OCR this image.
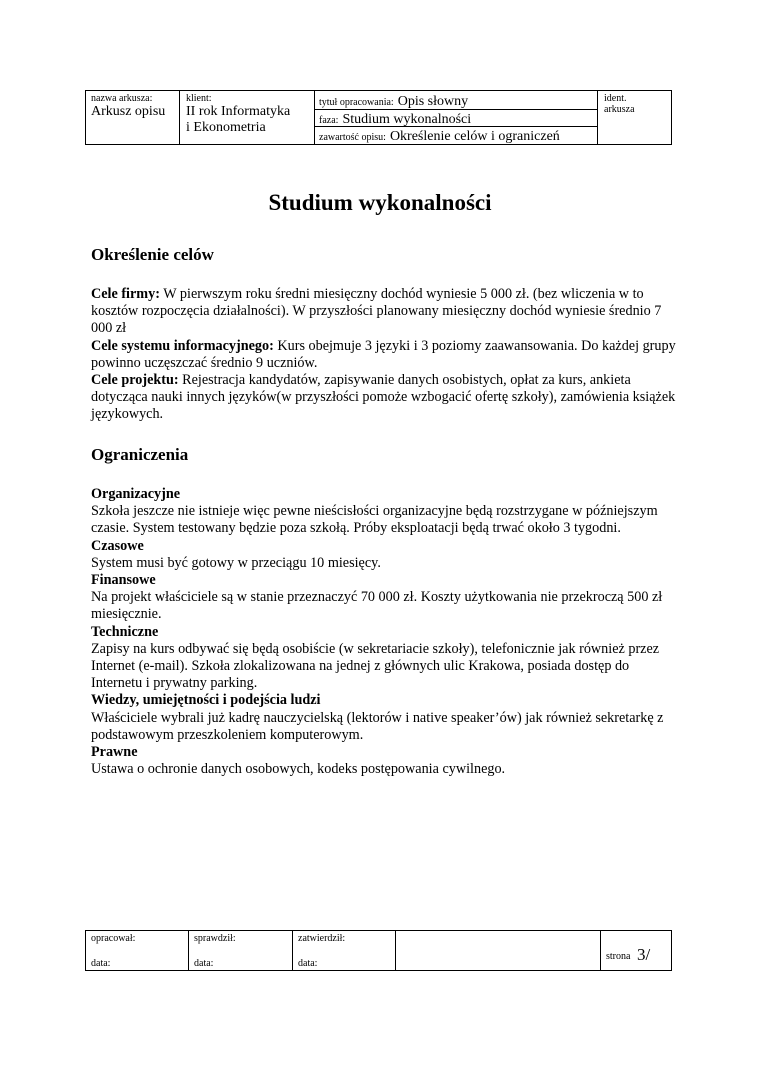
nazwa arkusza:
Arkusz opisu
klient:
II rok Informatyka
i Ekonometria
tytuł opracowania: Opis słowny
faza: Studium wykonalności
zawartość opisu: Określenie celów i ograniczeń
ident.
arkusza
Studium wykonalności
Określenie celów

Cele firmy: W pierwszym roku średni miesięczny dochód wyniesie 5 000 zł. (bez wliczenia w to kosztów rozpoczęcia działalności). W przyszłości planowany miesięczny dochód wyniesie średnio 7 000 zł

Cele systemu informacyjnego: Kurs obejmuje 3 języki i 3 poziomy zaawansowania. Do każdej grupy powinno uczęszczać średnio 9 uczniów.

Cele projektu: Rejestracja kandydatów, zapisywanie danych osobistych, opłat za kurs, ankieta dotycząca nauki innych języków(w przyszłości pomoże wzbogacić ofertę szkoły), zamówienia książek językowych.

Ograniczenia

Organizacyjne

Szkoła jeszcze nie istnieje więc pewne nieścisłości organizacyjne będą rozstrzygane w późniejszym czasie. System testowany będzie poza szkołą. Próby eksploatacji będą trwać około 3 tygodni.

Czasowe

System musi być gotowy w przeciągu 10 miesięcy.

Finansowe

Na projekt właściciele są w stanie przeznaczyć 70 000 zł. Koszty użytkowania nie przekroczą 500 zł miesięcznie.

Techniczne

Zapisy na kurs odbywać się będą osobiście (w sekretariacie szkoły), telefonicznie jak również przez Internet (e-mail). Szkoła zlokalizowana na jednej z głównych ulic Krakowa, posiada dostęp do Internetu i prywatny parking.

Wiedzy, umiejętności i podejścia ludzi

Właściciele wybrali już kadrę nauczycielską (lektorów i native speaker’ów) jak również sekretarkę z podstawowym przeszkoleniem komputerowym.

Prawne

Ustawa o ochronie danych osobowych, kodeks postępowania cywilnego.

opracował:
data:
sprawdził:
data:
zatwierdził:
data:
strona 3/
